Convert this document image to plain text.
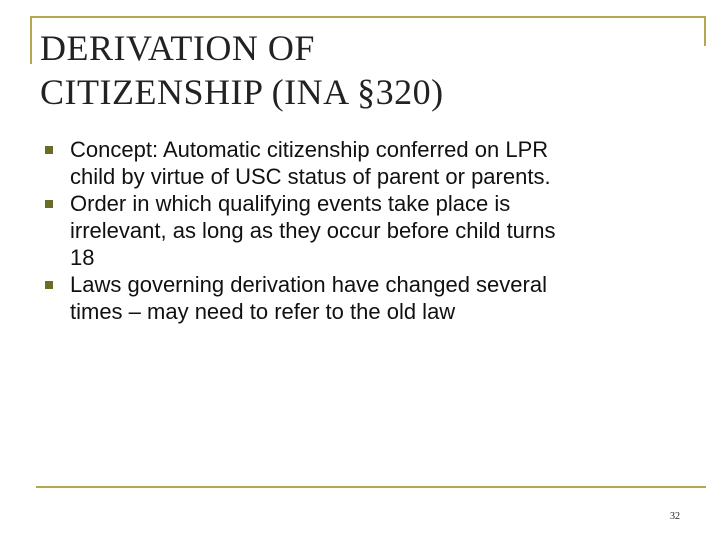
DERIVATION OF
CITIZENSHIP (INA §320)
Concept: Automatic citizenship conferred on LPR
child by virtue of USC status of parent or parents.
Order in which qualifying events take place is
irrelevant, as long as they occur before child turns
18
Laws governing derivation have changed several
times – may need to refer to the old law
32
